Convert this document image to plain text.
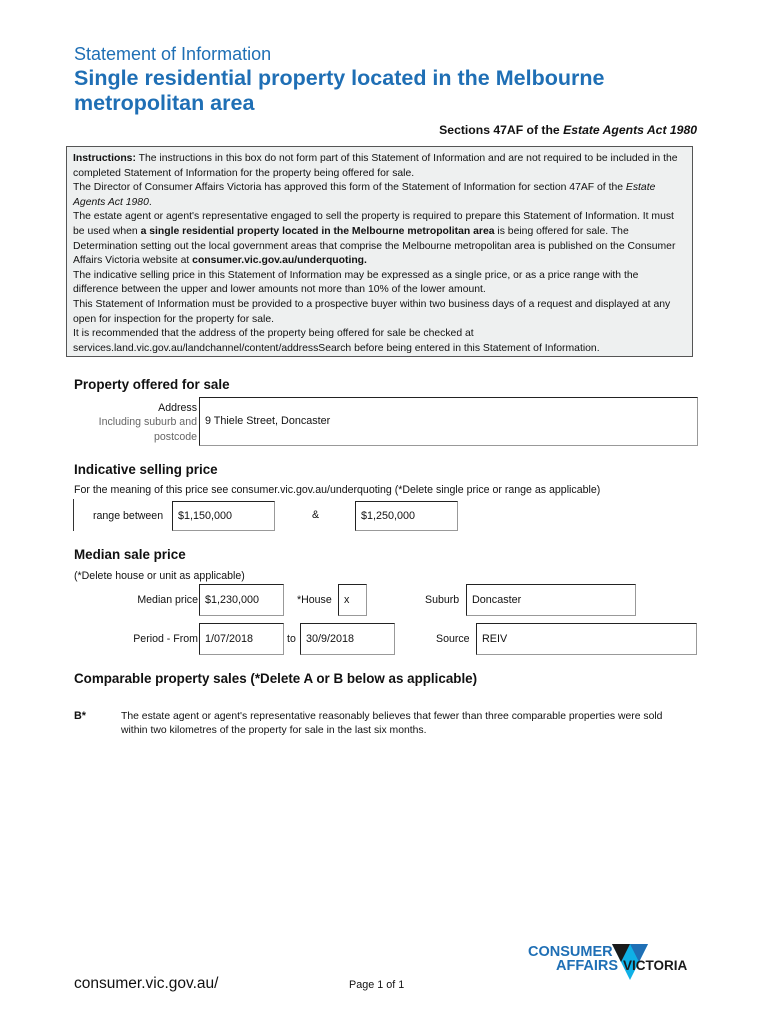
Statement of Information
Single residential property located in the Melbourne metropolitan area
Sections 47AF of the Estate Agents Act 1980

Instructions: The instructions in this box do not form part of this Statement of Information and are not required to be included in the completed Statement of Information for the property being offered for sale.

The Director of Consumer Affairs Victoria has approved this form of the Statement of Information for section 47AF of the Estate Agents Act 1980.

The estate agent or agent's representative engaged to sell the property is required to prepare this Statement of Information. It must be used when a single residential property located in the Melbourne metropolitan area is being offered for sale. The Determination setting out the local government areas that comprise the Melbourne metropolitan area is published on the Consumer Affairs Victoria website at consumer.vic.gov.au/underquoting.

The indicative selling price in this Statement of Information may be expressed as a single price, or as a price range with the difference between the upper and lower amounts not more than 10% of the lower amount.

This Statement of Information must be provided to a prospective buyer within two business days of a request and displayed at any open for inspection for the property for sale.

It is recommended that the address of the property being offered for sale be checked at services.land.vic.gov.au/landchannel/content/addressSearch before being entered in this Statement of Information.

Property offered for sale
Address
Including suburb and
postcode
9 Thiele Street, Doncaster
Indicative selling price
For the meaning of this price see consumer.vic.gov.au/underquoting (*Delete single price or range as applicable)
range between	$1,150,000	&	$1,250,000
Median sale price
(*Delete house or unit as applicable)
Median price $1,230,000	*House	x	Suburb	Doncaster
Period - From 1/07/2018	to 30/9/2018	Source	REIV
Comparable property sales (*Delete A or B below as applicable)
B*	The estate agent or agent's representative reasonably believes that fewer than three comparable properties were sold within two kilometres of the property for sale in the last six months.
consumer.vic.gov.au/	Page 1 of 1
CONSUMER
AFFAIRS VICTORIA
